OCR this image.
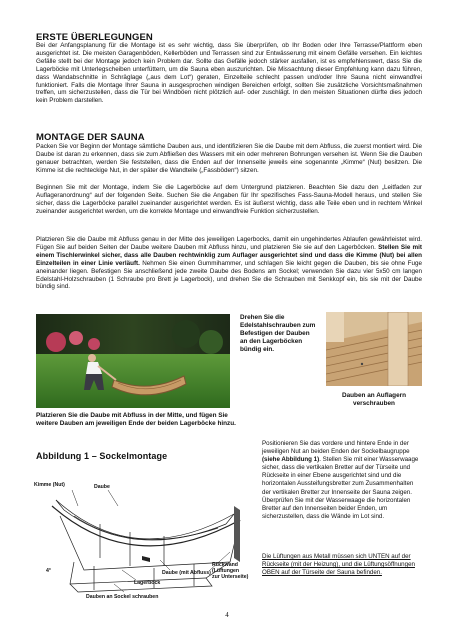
ERSTE ÜBERLEGUNGEN
Bei der Anfangsplanung für die Montage ist es sehr wichtig, dass Sie überprüfen, ob Ihr Boden oder Ihre Terrasse/Plattform eben ausgerichtet ist. Die meisten Garagenböden, Kellerböden und Terrassen sind zur Entwässerung mit einem Gefälle versehen. Ein leichtes Gefälle stellt bei der Montage jedoch kein Problem dar. Sollte das Gefälle jedoch stärker ausfallen, ist es empfehlenswert, dass Sie die Lagerböcke mit Unterlegscheiben unterfüttern, um die Sauna eben auszurichten. Die Missachtung dieser Empfehlung kann dazu führen, dass Wandabschnitte in Schräglage („aus dem Lot“) geraten, Einzelteile schlecht passen und/oder Ihre Sauna nicht einwandfrei funktioniert. Falls die Montage Ihrer Sauna in ausgesprochen windigen Bereichen erfolgt, sollten Sie zusätzliche Vorsichtsmaßnahmen treffen, um sicherzustellen, dass die Tür bei Windböen nicht plötzlich auf- oder zuschlägt. In den meisten Situationen dürfte dies jedoch kein Problem darstellen.
MONTAGE DER SAUNA
Packen Sie vor Beginn der Montage sämtliche Dauben aus, und identifizieren Sie die Daube mit dem Abfluss, die zuerst montiert wird. Die Daube ist daran zu erkennen, dass sie zum Abfließen des Wassers mit ein oder mehreren Bohrungen versehen ist. Wenn Sie die Dauben genauer betrachten, werden Sie feststellen, dass die Enden auf der Innenseite jeweils eine sogenannte „Kimme“ (Nut) besitzen. Die Kimme ist die rechteckige Nut, in der später die Wandteile („Fassböden“) sitzen.
Beginnen Sie mit der Montage, indem Sie die Lagerböcke auf dem Untergrund platzieren. Beachten Sie dazu den „Leitfaden zur Auflageranordnung“ auf der folgenden Seite. Suchen Sie die Angaben für Ihr spezifisches Fass-Sauna-Modell heraus, und stellen Sie sicher, dass die Lagerböcke parallel zueinander ausgerichtet werden. Es ist äußerst wichtig, dass alle Teile eben und in rechtem Winkel zueinander ausgerichtet werden, um die korrekte Montage und einwandfreie Funktion sicherzustellen.
Platzieren Sie die Daube mit Abfluss genau in der Mitte des jeweiligen Lagerbocks, damit ein ungehindertes Ablaufen gewährleistet wird. Fügen Sie auf beiden Seiten der Daube weitere Dauben mit Abfluss hinzu, und platzieren Sie sie auf den Lagerböcken. Stellen Sie mit einem Tischlerwinkel sicher, dass alle Dauben rechtwinklig zum Auflager ausgerichtet sind und dass die Kimme (Nut) bei allen Einzelteilen in einer Linie verläuft. Nehmen Sie einen Gummihammer, und schlagen Sie leicht gegen die Dauben, bis sie ohne Fuge aneinander liegen. Befestigen Sie anschließend jede zweite Daube des Bodens am Sockel; verwenden Sie dazu vier 5x50 cm langen Edelstahl-Holzschrauben (1 Schraube pro Brett je Lagerbock), und drehen Sie die Schrauben mit Senkkopf ein, bis sie mit der Daube bündig sind.
Drehen Sie die Edelstahlschrauben zum Befestigen der Dauben an den Lagerböcken bündig ein.
Dauben an Auflagern verschrauben
Platzieren Sie die Daube mit Abfluss in der Mitte, und fügen Sie weitere Dauben am jeweiligen Ende der beiden Lagerböcke hinzu.
Abbildung 1 – Sockelmontage
Kimme (Nut)	Daube
Daube (mit Abfluss)
Rückwand
(Lüftungen
zur Unterseite)
Lagerbock
Dauben an Sockel schrauben
4°
Positionieren Sie das vordere und hintere Ende in der jeweiligen Nut an beiden Enden der Sockelbaugruppe (siehe Abbildung 1). Stellen Sie mit einer Wasserwaage sicher, dass die vertikalen Bretter auf der Türseite und Rückseite in einer Ebene ausgerichtet sind und die horizontalen Aussteifungsbretter zum Zusammenhalten der vertikalen Bretter zur Innenseite der Sauna zeigen. Überprüfen Sie mit der Wasserwaage die horizontalen Bretter auf den Innenseiten beider Enden, um sicherzustellen, dass die Wände im Lot sind.
Die Lüftungen aus Metall müssen sich UNTEN auf der Rückseite (mit der Heizung), und die Lüftungsöffnungen OBEN auf der Türseite der Sauna befinden.
4
